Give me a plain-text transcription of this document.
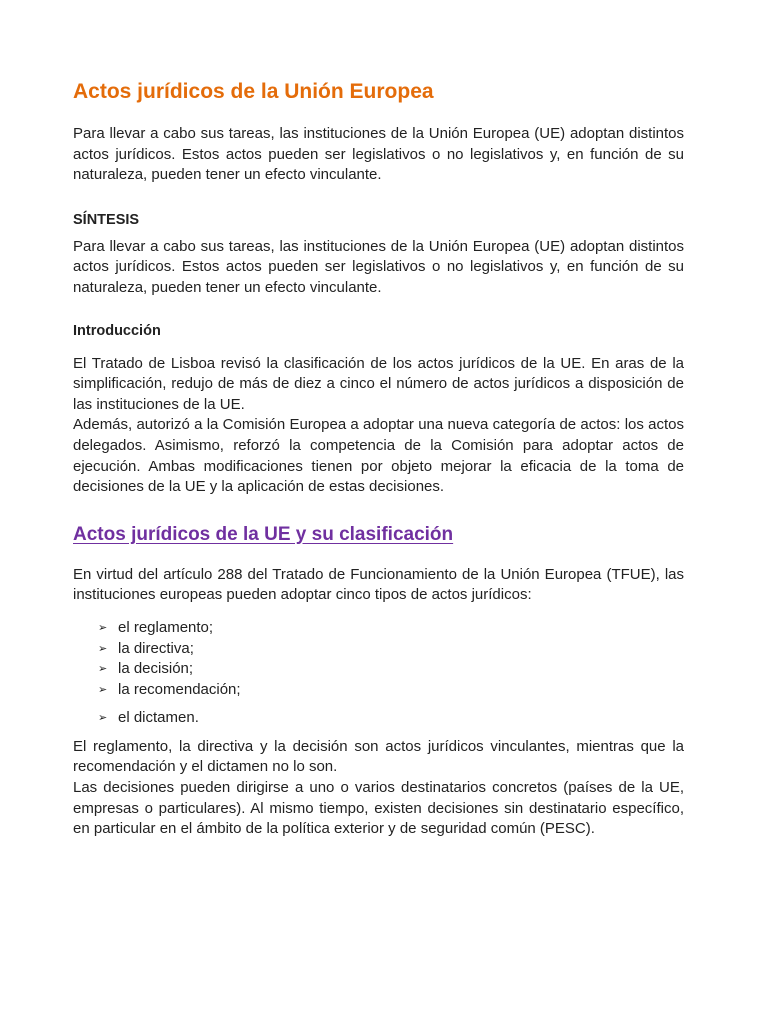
Actos jurídicos de la Unión Europea

Para llevar a cabo sus tareas, las instituciones de la Unión Europea (UE) adoptan distintos actos jurídicos. Estos actos pueden ser legislativos o no legislativos y, en función de su naturaleza, pueden tener un efecto vinculante.

SÍNTESIS

Para llevar a cabo sus tareas, las instituciones de la Unión Europea (UE) adoptan distintos actos jurídicos. Estos actos pueden ser legislativos o no legislativos y, en función de su naturaleza, pueden tener un efecto vinculante.

Introducción

El Tratado de Lisboa revisó la clasificación de los actos jurídicos de la UE. En aras de la simplificación, redujo de más de diez a cinco el número de actos jurídicos a disposición de las instituciones de la UE.

Además, autorizó a la Comisión Europea a adoptar una nueva categoría de actos: los actos delegados. Asimismo, reforzó la competencia de la Comisión para adoptar actos de ejecución. Ambas modificaciones tienen por objeto mejorar la eficacia de la toma de decisiones de la UE y la aplicación de estas decisiones.

Actos jurídicos de la UE y su clasificación

En virtud del artículo 288 del Tratado de Funcionamiento de la Unión Europea (TFUE), las instituciones europeas pueden adoptar cinco tipos de actos jurídicos:

➢ el reglamento;
➢ la directiva;
➢ la decisión;
➢ la recomendación;
➢ el dictamen.

El reglamento, la directiva y la decisión son actos jurídicos vinculantes, mientras que la recomendación y el dictamen no lo son.

Las decisiones pueden dirigirse a uno o varios destinatarios concretos (países de la UE, empresas o particulares). Al mismo tiempo, existen decisiones sin destinatario específico, en particular en el ámbito de la política exterior y de seguridad común (PESC).
